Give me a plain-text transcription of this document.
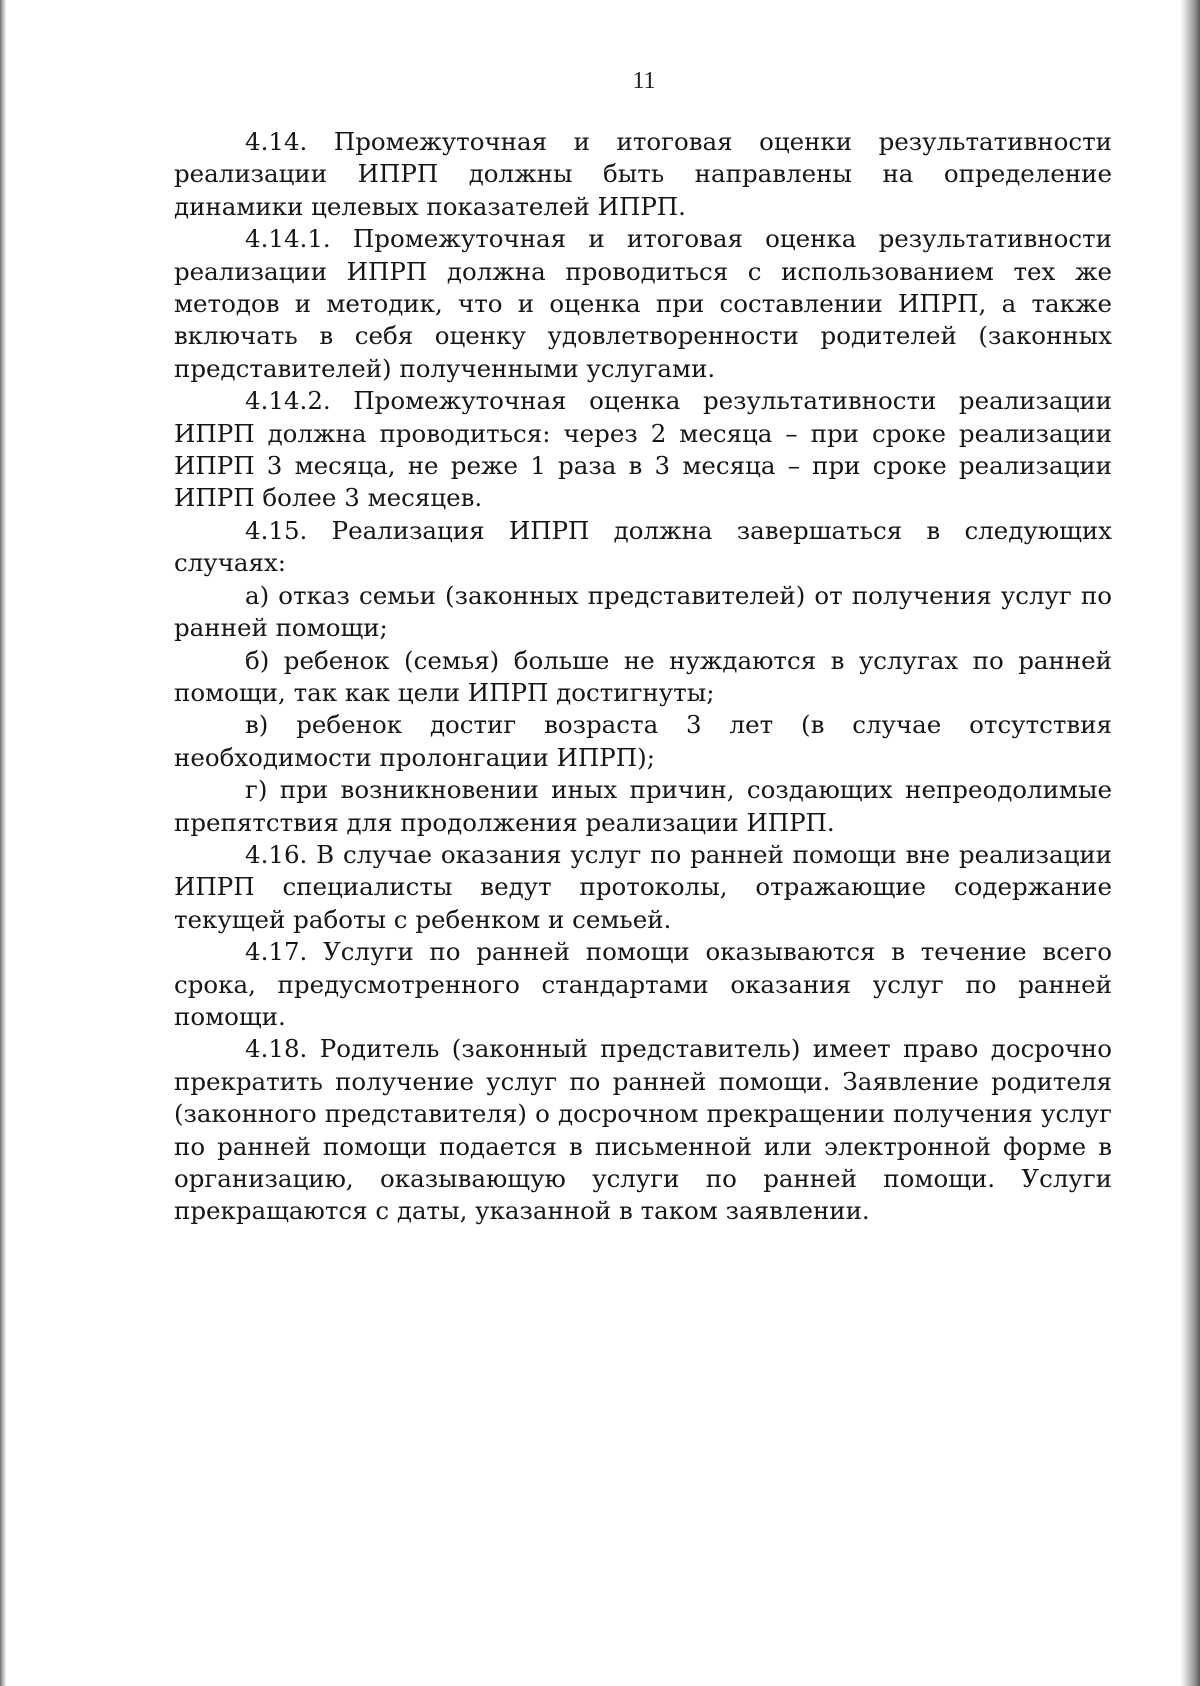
11

4.14. Промежуточная и итоговая оценки результативности реализации ИПРП должны быть направлены на определение динамики целевых показателей ИПРП.

4.14.1. Промежуточная и итоговая оценка результативности реализации ИПРП должна проводиться с использованием тех же методов и методик, что и оценка при составлении ИПРП, а также включать в себя оценку удовлетворенности родителей (законных представителей) полученными услугами.

4.14.2. Промежуточная оценка результативности реализации ИПРП должна проводиться: через 2 месяца – при сроке реализации ИПРП 3 месяца, не реже 1 раза в 3 месяца – при сроке реализации ИПРП более 3 месяцев.

4.15. Реализация ИПРП должна завершаться в следующих случаях:

а) отказ семьи (законных представителей) от получения услуг по ранней помощи;

б) ребенок (семья) больше не нуждаются в услугах по ранней помощи, так как цели ИПРП достигнуты;

в) ребенок достиг возраста 3 лет (в случае отсутствия необходимости пролонгации ИПРП);

г) при возникновении иных причин, создающих непреодолимые препятствия для продолжения реализации ИПРП.

4.16. В случае оказания услуг по ранней помощи вне реализации ИПРП специалисты ведут протоколы, отражающие содержание текущей работы с ребенком и семьей.

4.17. Услуги по ранней помощи оказываются в течение всего срока, предусмотренного стандартами оказания услуг по ранней помощи.

4.18. Родитель (законный представитель) имеет право досрочно прекратить получение услуг по ранней помощи. Заявление родителя (законного представителя) о досрочном прекращении получения услуг по ранней помощи подается в письменной или электронной форме в организацию, оказывающую услуги по ранней помощи. Услуги прекращаются с даты, указанной в таком заявлении.
